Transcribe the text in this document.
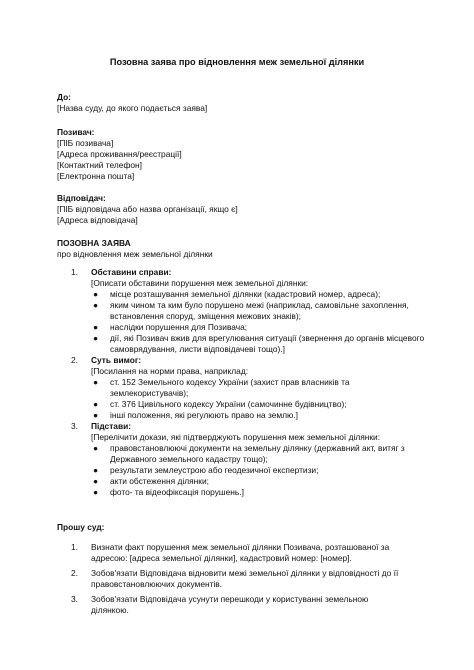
Позовна заява про відновлення меж земельної ділянки
До:
[Назва суду, до якого подається заява]
Позивач:
[ПІБ позивача]
[Адреса проживання/реєстрації]
[Контактний телефон]
[Електронна пошта]
Відповідач:
[ПІБ відповідача або назва організації, якщо є]
[Адреса відповідача]
ПОЗОВНА ЗАЯВА
про відновлення меж земельної ділянки
1. Обставини справи:
[Описати обставини порушення меж земельної ділянки:
● місце розташування земельної ділянки (кадастровий номер, адреса);
● яким чином та ким було порушено межі (наприклад, самовільне захоплення,
встановлення споруд, зміщення межових знаків);
● наслідки порушення для Позивача;
● дії, які Позивач вжив для врегулювання ситуації (звернення до органів місцевого
самоврядування, листи відповідачеві тощо).]
2. Суть вимог:
[Посилання на норми права, наприклад:
● ст. 152 Земельного кодексу України (захист прав власників та
землекористувачів);
● ст. 376 Цивільного кодексу України (самочинне будівництво);
● інші положення, які регулюють право на землю.]
3. Підстави:
[Перелічити докази, які підтверджують порушення меж земельної ділянки:
● правовстановлюючі документи на земельну ділянку (державний акт, витяг з
Державного земельного кадастру тощо);
● результати землеустрою або геодезичної експертизи;
● акти обстеження ділянки;
● фото- та відеофіксація порушень.]
Прошу суд:
1. Визнати факт порушення меж земельної ділянки Позивача, розташованої за
адресою: [адреса земельної ділянки], кадастровий номер: [номер].
2. Зобов'язати Відповідача відновити межі земельної ділянки у відповідності до її
правовстановлюючих документів.
3. Зобов'язати Відповідача усунути перешкоди у користуванні земельною
ділянкою.
